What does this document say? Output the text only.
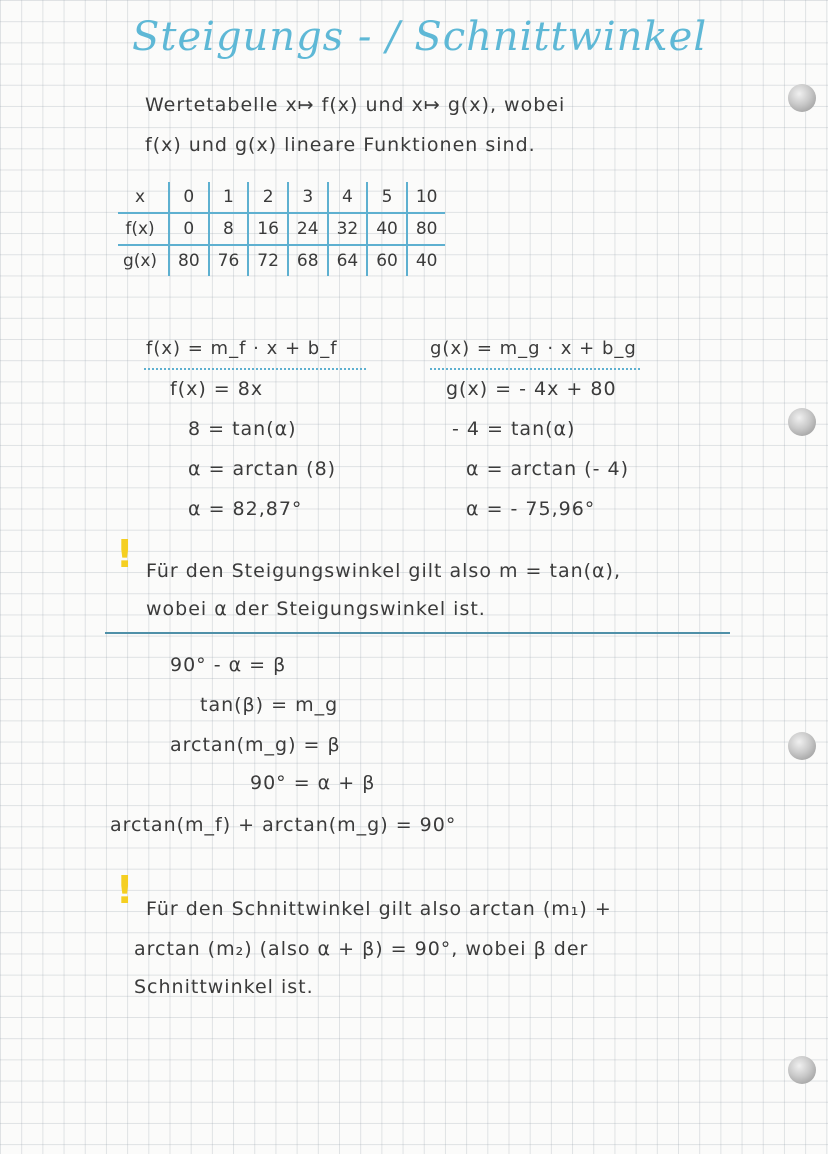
Steigungs - / Schnittwinkel
Wertetabelle x↦ f(x) und x↦ g(x), wobei
f(x) und g(x) lineare Funktionen sind.
x	0	1	2	3	4	5	10
f(x)	0	8	16	24	32	40	80
g(x)	80	76	72	68	64	60	40
f(x) = m_f · x + b_f
f(x) = 8x
8 = tan(α)
α = arctan (8)
α = 82,87°
g(x) = m_g · x + b_g
g(x) = - 4x + 80
- 4 = tan(α)
α = arctan (- 4)
α = - 75,96°
! Für den Steigungswinkel gilt also m = tan(α),
wobei α der Steigungswinkel ist.
90° - α = β
tan(β) = m_g
arctan(m_g) = β
90° = α + β
arctan(m_f) + arctan(m_g) = 90°
! Für den Schnittwinkel gilt also arctan (m₁) +
arctan (m₂) (also α + β) = 90°, wobei β der
Schnittwinkel ist.
